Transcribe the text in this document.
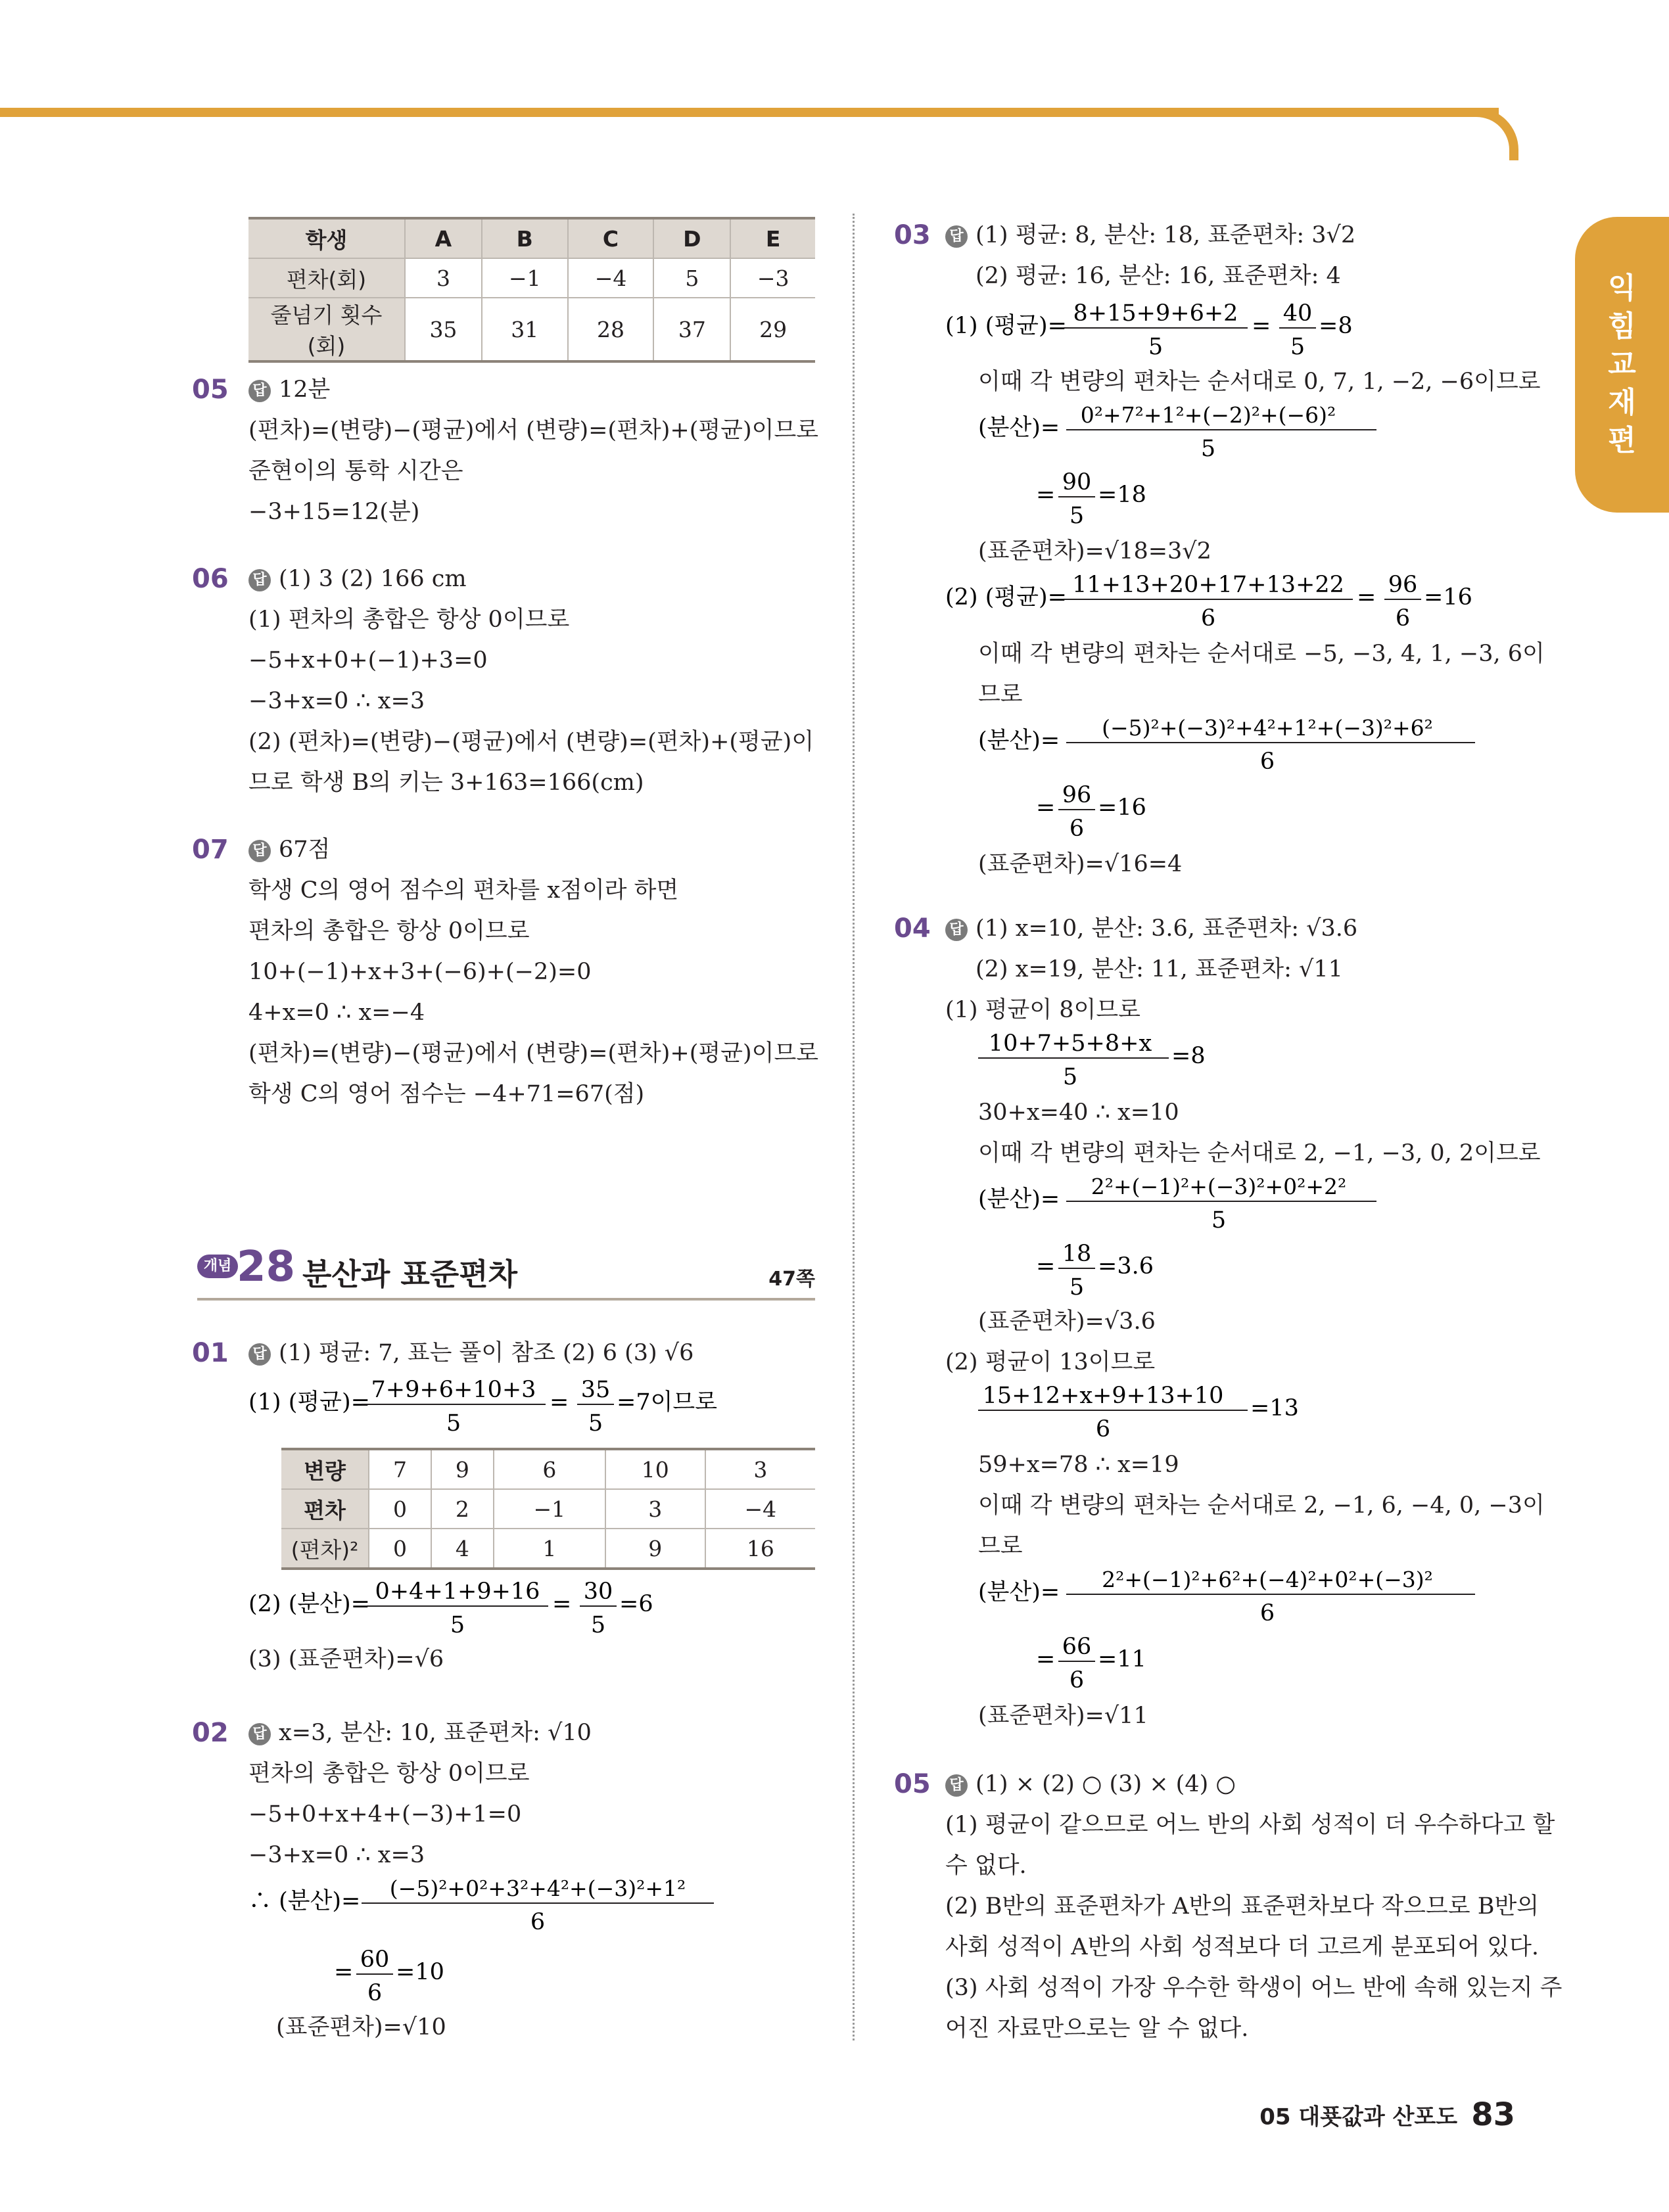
익
힘
교
재
편
학생	A	B	C	D	E
편차(회)	3	−1	−4	5	−3
줄넘기 횟수(회)	35	31	28	37	29
05 답 12분
(편차)=(변량)−(평균)에서 (변량)=(편차)+(평균)이므로
준현이의 통학 시간은
−3+15=12(분)
06 답 (1) 3 (2) 166 cm
(1) 편차의 총합은 항상 0이므로
−5+x+0+(−1)+3=0
−3+x=0 ∴ x=3
(2) (편차)=(변량)−(평균)에서 (변량)=(편차)+(평균)이
므로 학생 B의 키는 3+163=166(cm)
07 답 67점
학생 C의 영어 점수의 편차를 x점이라 하면
편차의 총합은 항상 0이므로
10+(−1)+x+3+(−6)+(−2)=0
4+x=0 ∴ x=−4
(편차)=(변량)−(평균)에서 (변량)=(편차)+(평균)이므로
학생 C의 영어 점수는 −4+71=67(점)
개념 28 분산과 표준편차	47쪽
01 답 (1) 평균: 7, 표는 풀이 참조 (2) 6 (3) √6
(1) (평균)= 7+9+6+10+3
5
= 35
5
=7이므로
변량	7	9	6	10	3
편차	0	2	−1	3	−4
(편차)²	0	4	1	9	16
(2) (분산)= 0+4+1+9+16
5
= 30
5
=6
(3) (표준편차)=√6
02 답 x=3, 분산: 10, 표준편차: √10
편차의 총합은 항상 0이므로
−5+0+x+4+(−3)+1=0
−3+x=0 ∴ x=3
∴ (분산)= (−5)²+0²+3²+4²+(−3)²+1²
6
= 60
6
=10
(표준편차)=√10
03 답 (1) 평균: 8, 분산: 18, 표준편차: 3√2
(2) 평균: 16, 분산: 16, 표준편차: 4
(1) (평균)= 8+15+9+6+2
5
= 40
5
=8
이때 각 변량의 편차는 순서대로 0, 7, 1, −2, −6이므로
(분산)= 0²+7²+1²+(−2)²+(−6)²
5
= 90
5
=18
(표준편차)=√18=3√2
(2) (평균)= 11+13+20+17+13+22
6
= 96
6
=16
이때 각 변량의 편차는 순서대로 −5, −3, 4, 1, −3, 6이
므로
(분산)= (−5)²+(−3)²+4²+1²+(−3)²+6²
6
= 96
6
=16
(표준편차)=√16=4
04 답 (1) x=10, 분산: 3.6, 표준편차: √3.6
(2) x=19, 분산: 11, 표준편차: √11
(1) 평균이 8이므로
10+7+5+8+x
5
=8
30+x=40 ∴ x=10
이때 각 변량의 편차는 순서대로 2, −1, −3, 0, 2이므로
(분산)= 2²+(−1)²+(−3)²+0²+2²
5
= 18
5
=3.6
(표준편차)=√3.6
(2) 평균이 13이므로
15+12+x+9+13+10
6
=13
59+x=78 ∴ x=19
이때 각 변량의 편차는 순서대로 2, −1, 6, −4, 0, −3이
므로
(분산)= 2²+(−1)²+6²+(−4)²+0²+(−3)²
6
= 66
6
=11
(표준편차)=√11
05 답 (1) × (2) ○ (3) × (4) ○
(1) 평균이 같으므로 어느 반의 사회 성적이 더 우수하다고 할
수 없다.
(2) B반의 표준편차가 A반의 표준편차보다 작으므로 B반의
사회 성적이 A반의 사회 성적보다 더 고르게 분포되어 있다.
(3) 사회 성적이 가장 우수한 학생이 어느 반에 속해 있는지 주
어진 자료만으로는 알 수 없다.
05 대푯값과 산포도 83
